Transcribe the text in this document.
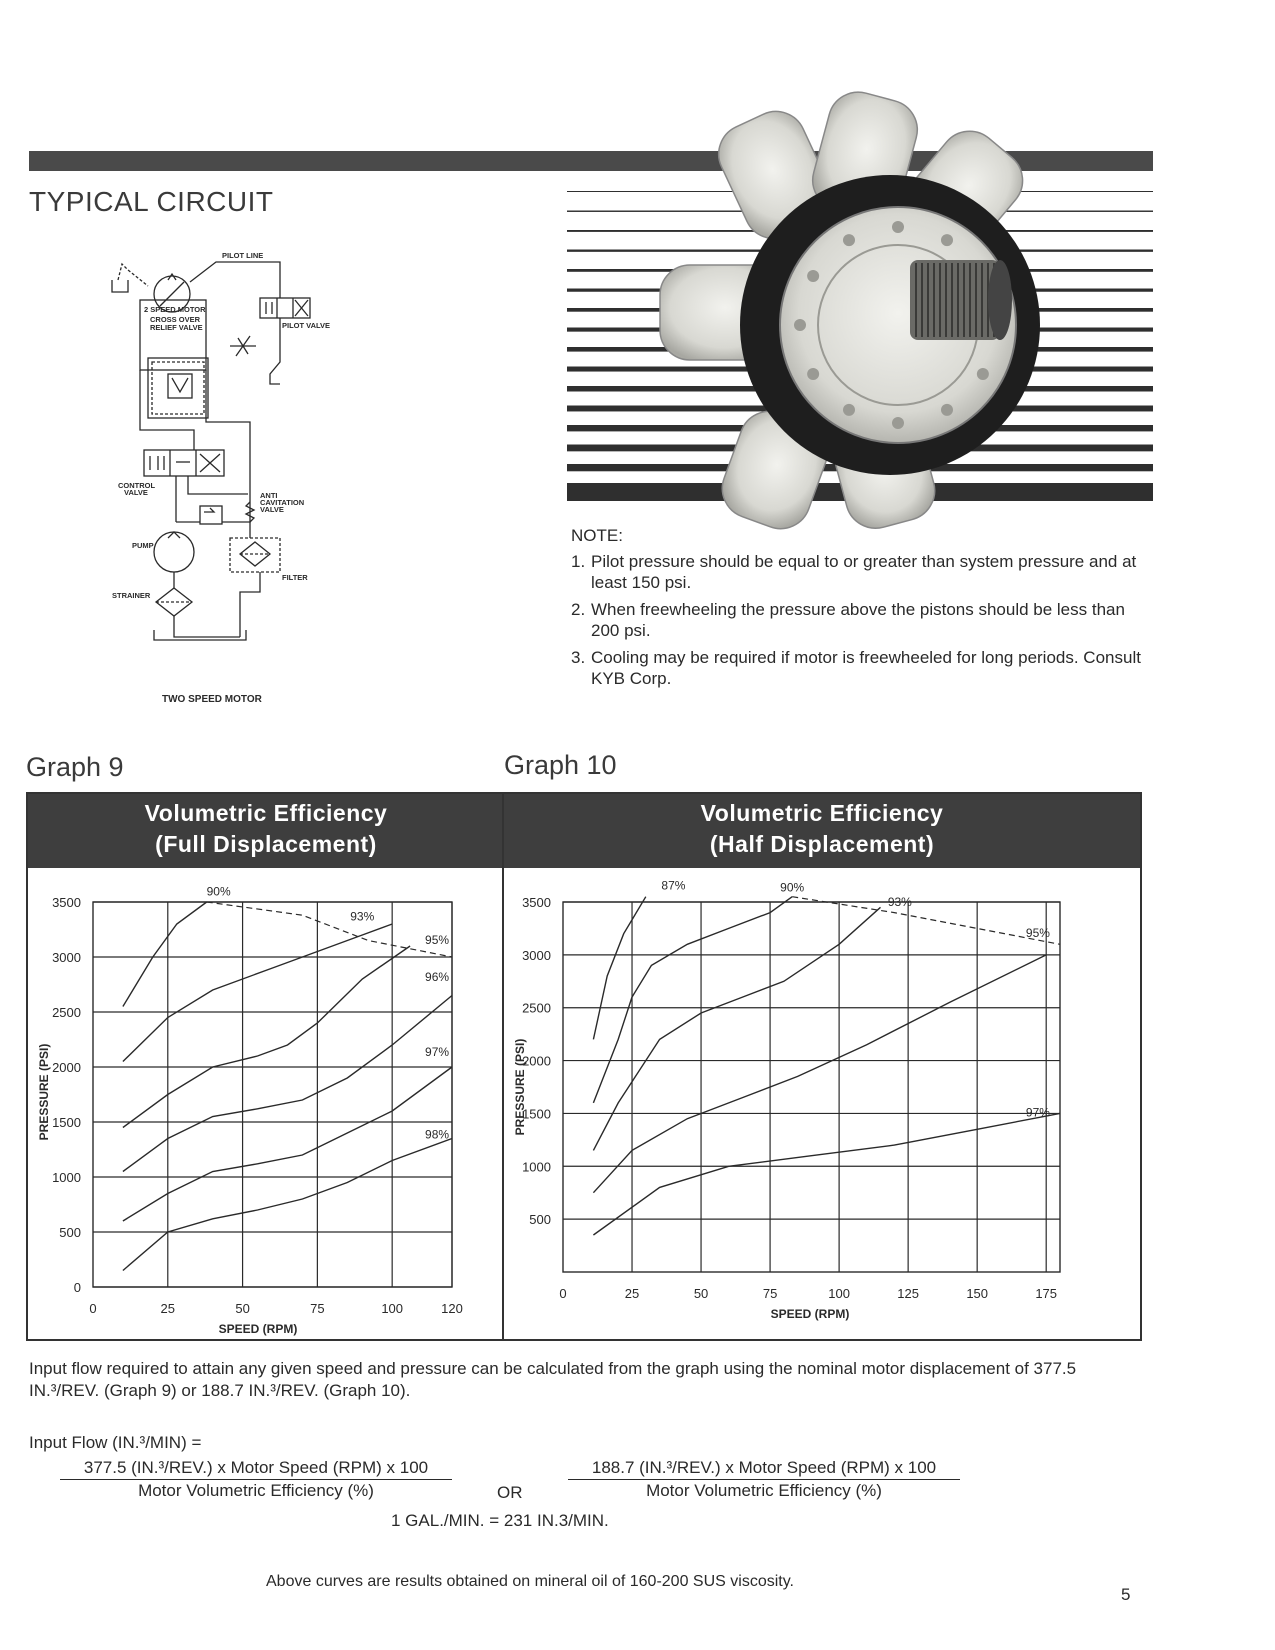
TYPICAL CIRCUIT
PILOT LINE
2 SPEED MOTOR
CROSS OVER
RELIEF VALVE	PILOT VALVE
CONTROL
VALVE	ANTI
CAVITATION
VALVE
PUMP
STRAINER
FILTER
TWO SPEED MOTOR
NOTE:
1. Pilot pressure should be equal to or greater than system pressure and at least 150 psi.
2. When freewheeling the pressure above the pistons should be less than 200 psi.
3. Cooling may be required if motor is freewheeled for long periods. Consult KYB Corp.
Graph 9	Graph 10
Volumetric Efficiency
(Full Displacement)
0
500
1000
1500
2000
2500
3000
3500
0	25	50	75	100	120
SPEED (RPM)
PRESSURE (PSI)
90%
93%
95%
96%
97%
98%
Volumetric Efficiency
(Half Displacement)
500
1000
1500
2000
2500
3000
3500
0	25	50	75	100	125	150	175
SPEED (RPM)
PRESSURE (PSI)
87%	90%
93%
95%
97%
Input flow required to attain any given speed and pressure can be calculated from the graph using the nominal motor displacement of 377.5 IN.³/REV. (Graph 9) or 188.7 IN.³/REV. (Graph 10).
Input Flow (IN.³/MIN) =
377.5 (IN.³/REV.) x Motor Speed (RPM) x 100
Motor Volumetric Efficiency (%)	OR
188.7 (IN.³/REV.) x Motor Speed (RPM) x 100
Motor Volumetric Efficiency (%)
1 GAL./MIN. = 231 IN.3/MIN.
Above curves are results obtained on mineral oil of 160-200 SUS viscosity.
5
